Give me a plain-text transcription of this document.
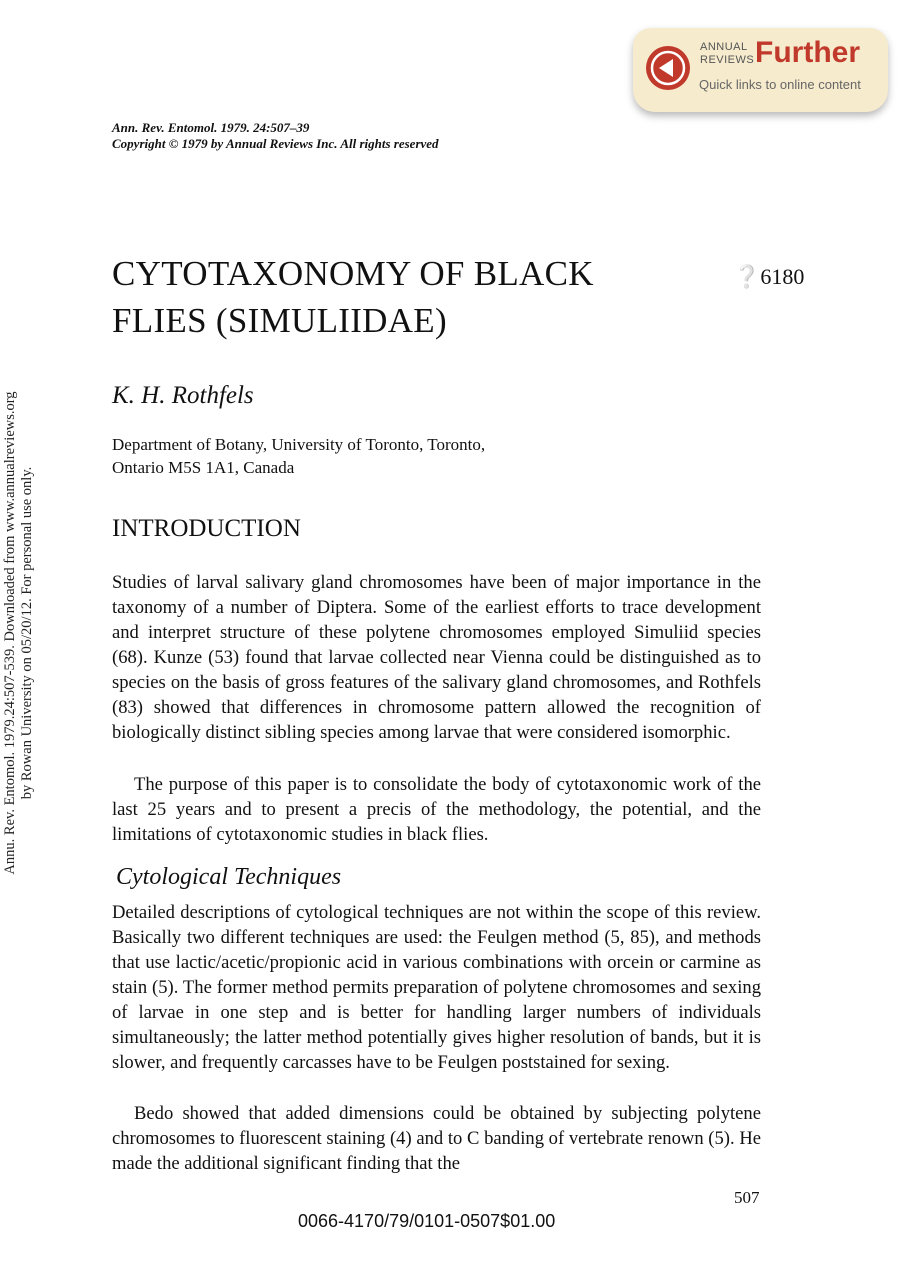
ANNUAL
REVIEWS Further
Quick links to online content
Ann. Rev. Entomol. 1979. 24:507–39
Copyright © 1979 by Annual Reviews Inc. All rights reserved
Annu. Rev. Entomol. 1979.24:507-539. Downloaded from www.annualreviews.org by Rowan University on 05/20/12. For personal use only.
CYTOTAXONOMY OF BLACK
FLIES (SIMULIIDAE)
❔6180
K. H. Rothfels
Department of Botany, University of Toronto, Toronto,
Ontario M5S 1A1, Canada
INTRODUCTION

Studies of larval salivary gland chromosomes have been of major importance in the taxonomy of a number of Diptera. Some of the earliest efforts to trace development and interpret structure of these polytene chromosomes employed Simuliid species (68). Kunze (53) found that larvae collected near Vienna could be distinguished as to species on the basis of gross features of the salivary gland chromosomes, and Rothfels (83) showed that differences in chromosome pattern allowed the recognition of biologically distinct sibling species among larvae that were considered isomorphic.

The purpose of this paper is to consolidate the body of cytotaxonomic work of the last 25 years and to present a precis of the methodology, the potential, and the limitations of cytotaxonomic studies in black flies.

Cytological Techniques

Detailed descriptions of cytological techniques are not within the scope of this review. Basically two different techniques are used: the Feulgen method (5, 85), and methods that use lactic/acetic/propionic acid in various combinations with orcein or carmine as stain (5). The former method permits preparation of polytene chromosomes and sexing of larvae in one step and is better for handling larger numbers of individuals simultaneously; the latter method potentially gives higher resolution of bands, but it is slower, and frequently carcasses have to be Feulgen poststained for sexing.

Bedo showed that added dimensions could be obtained by subjecting polytene chromosomes to fluorescent staining (4) and to C banding of vertebrate renown (5). He made the additional significant finding that the

507
0066-4170/79/0101-0507$01.00
